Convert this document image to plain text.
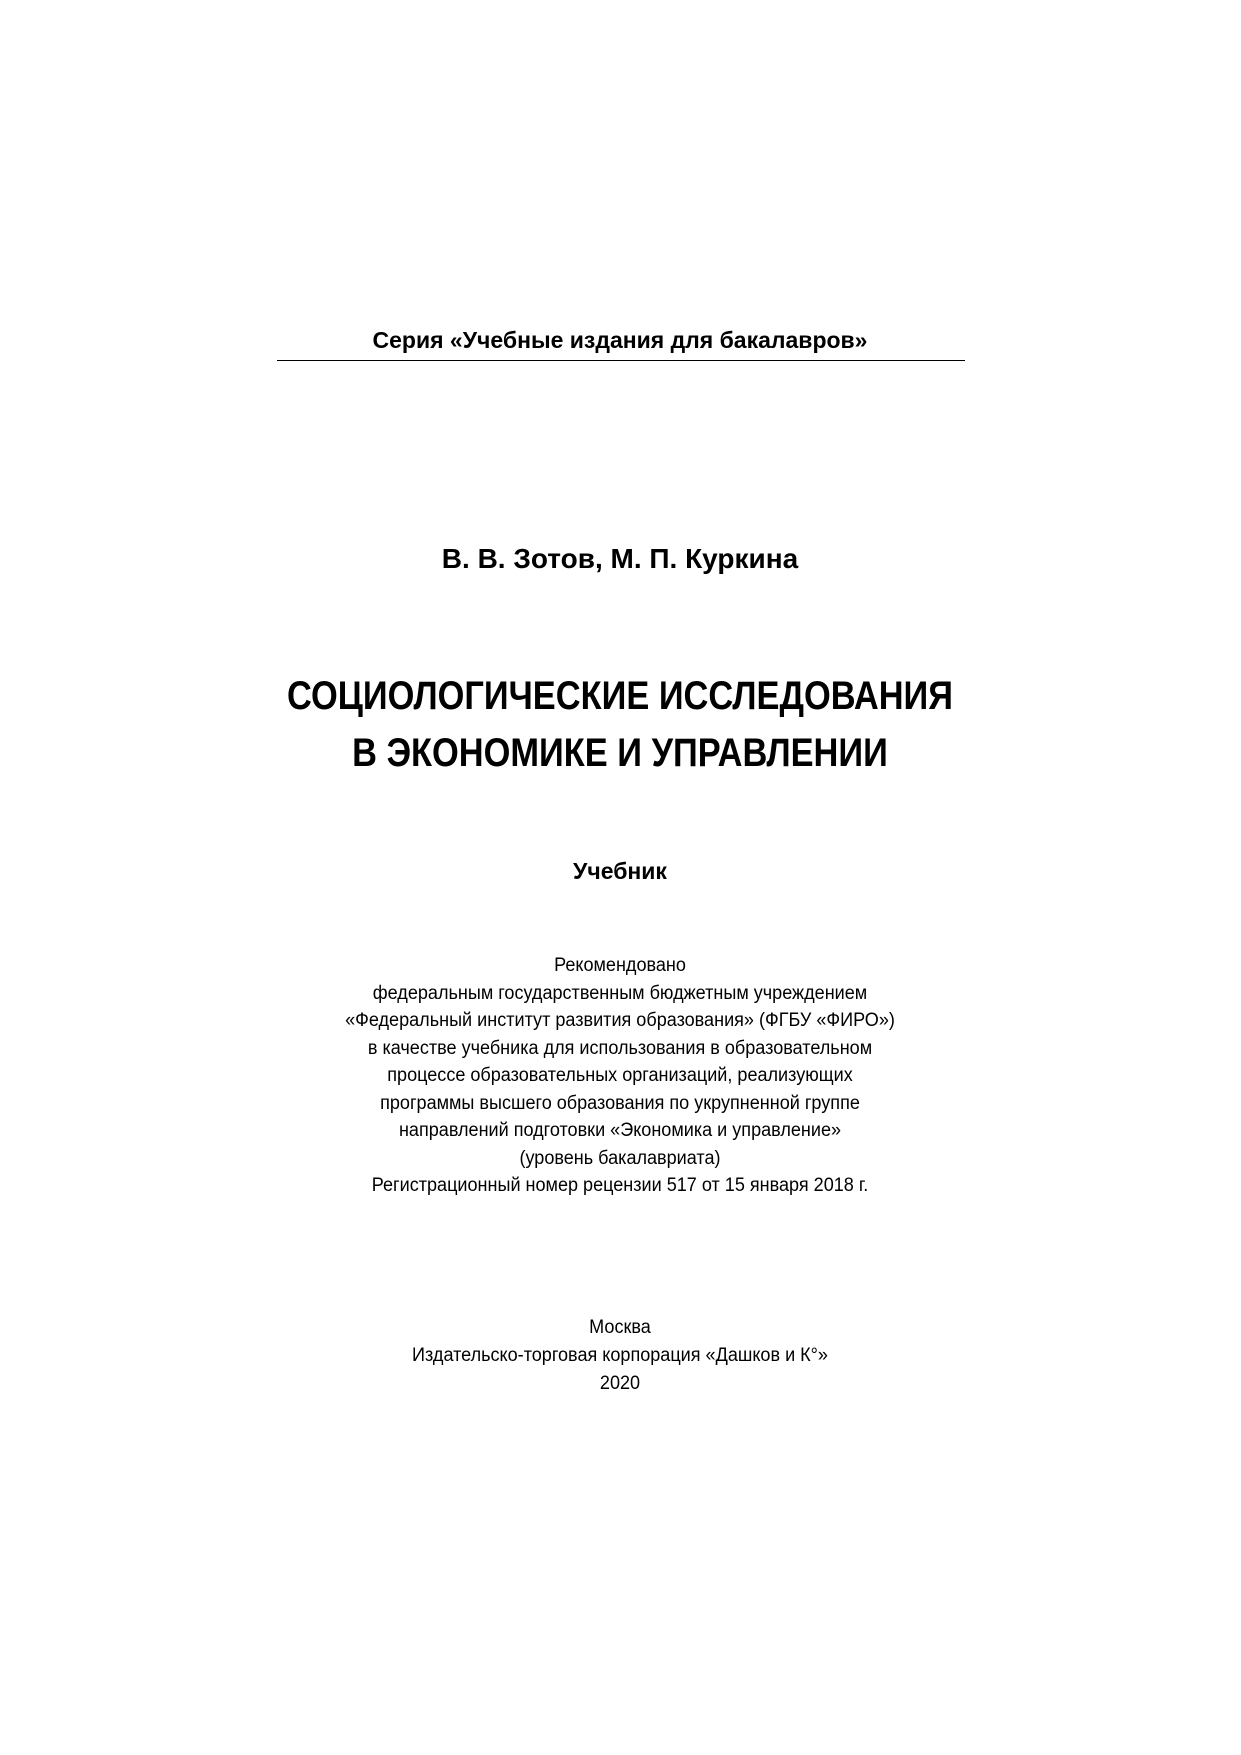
Серия «Учебные издания для бакалавров»
В. В. Зотов, М. П. Куркина
СОЦИОЛОГИЧЕСКИЕ ИССЛЕДОВАНИЯ
В ЭКОНОМИКЕ И УПРАВЛЕНИИ
Учебник
Рекомендовано
федеральным государственным бюджетным учреждением
«Федеральный институт развития образования» (ФГБУ «ФИРО»)
в качестве учебника для использования в образовательном
процессе образовательных организаций, реализующих
программы высшего образования по укрупненной группе
направлений подготовки «Экономика и управление»
(уровень бакалавриата)
Регистрационный номер рецензии 517 от 15 января 2018 г.
Москва
Издательско-торговая корпорация «Дашков и К°»
2020
